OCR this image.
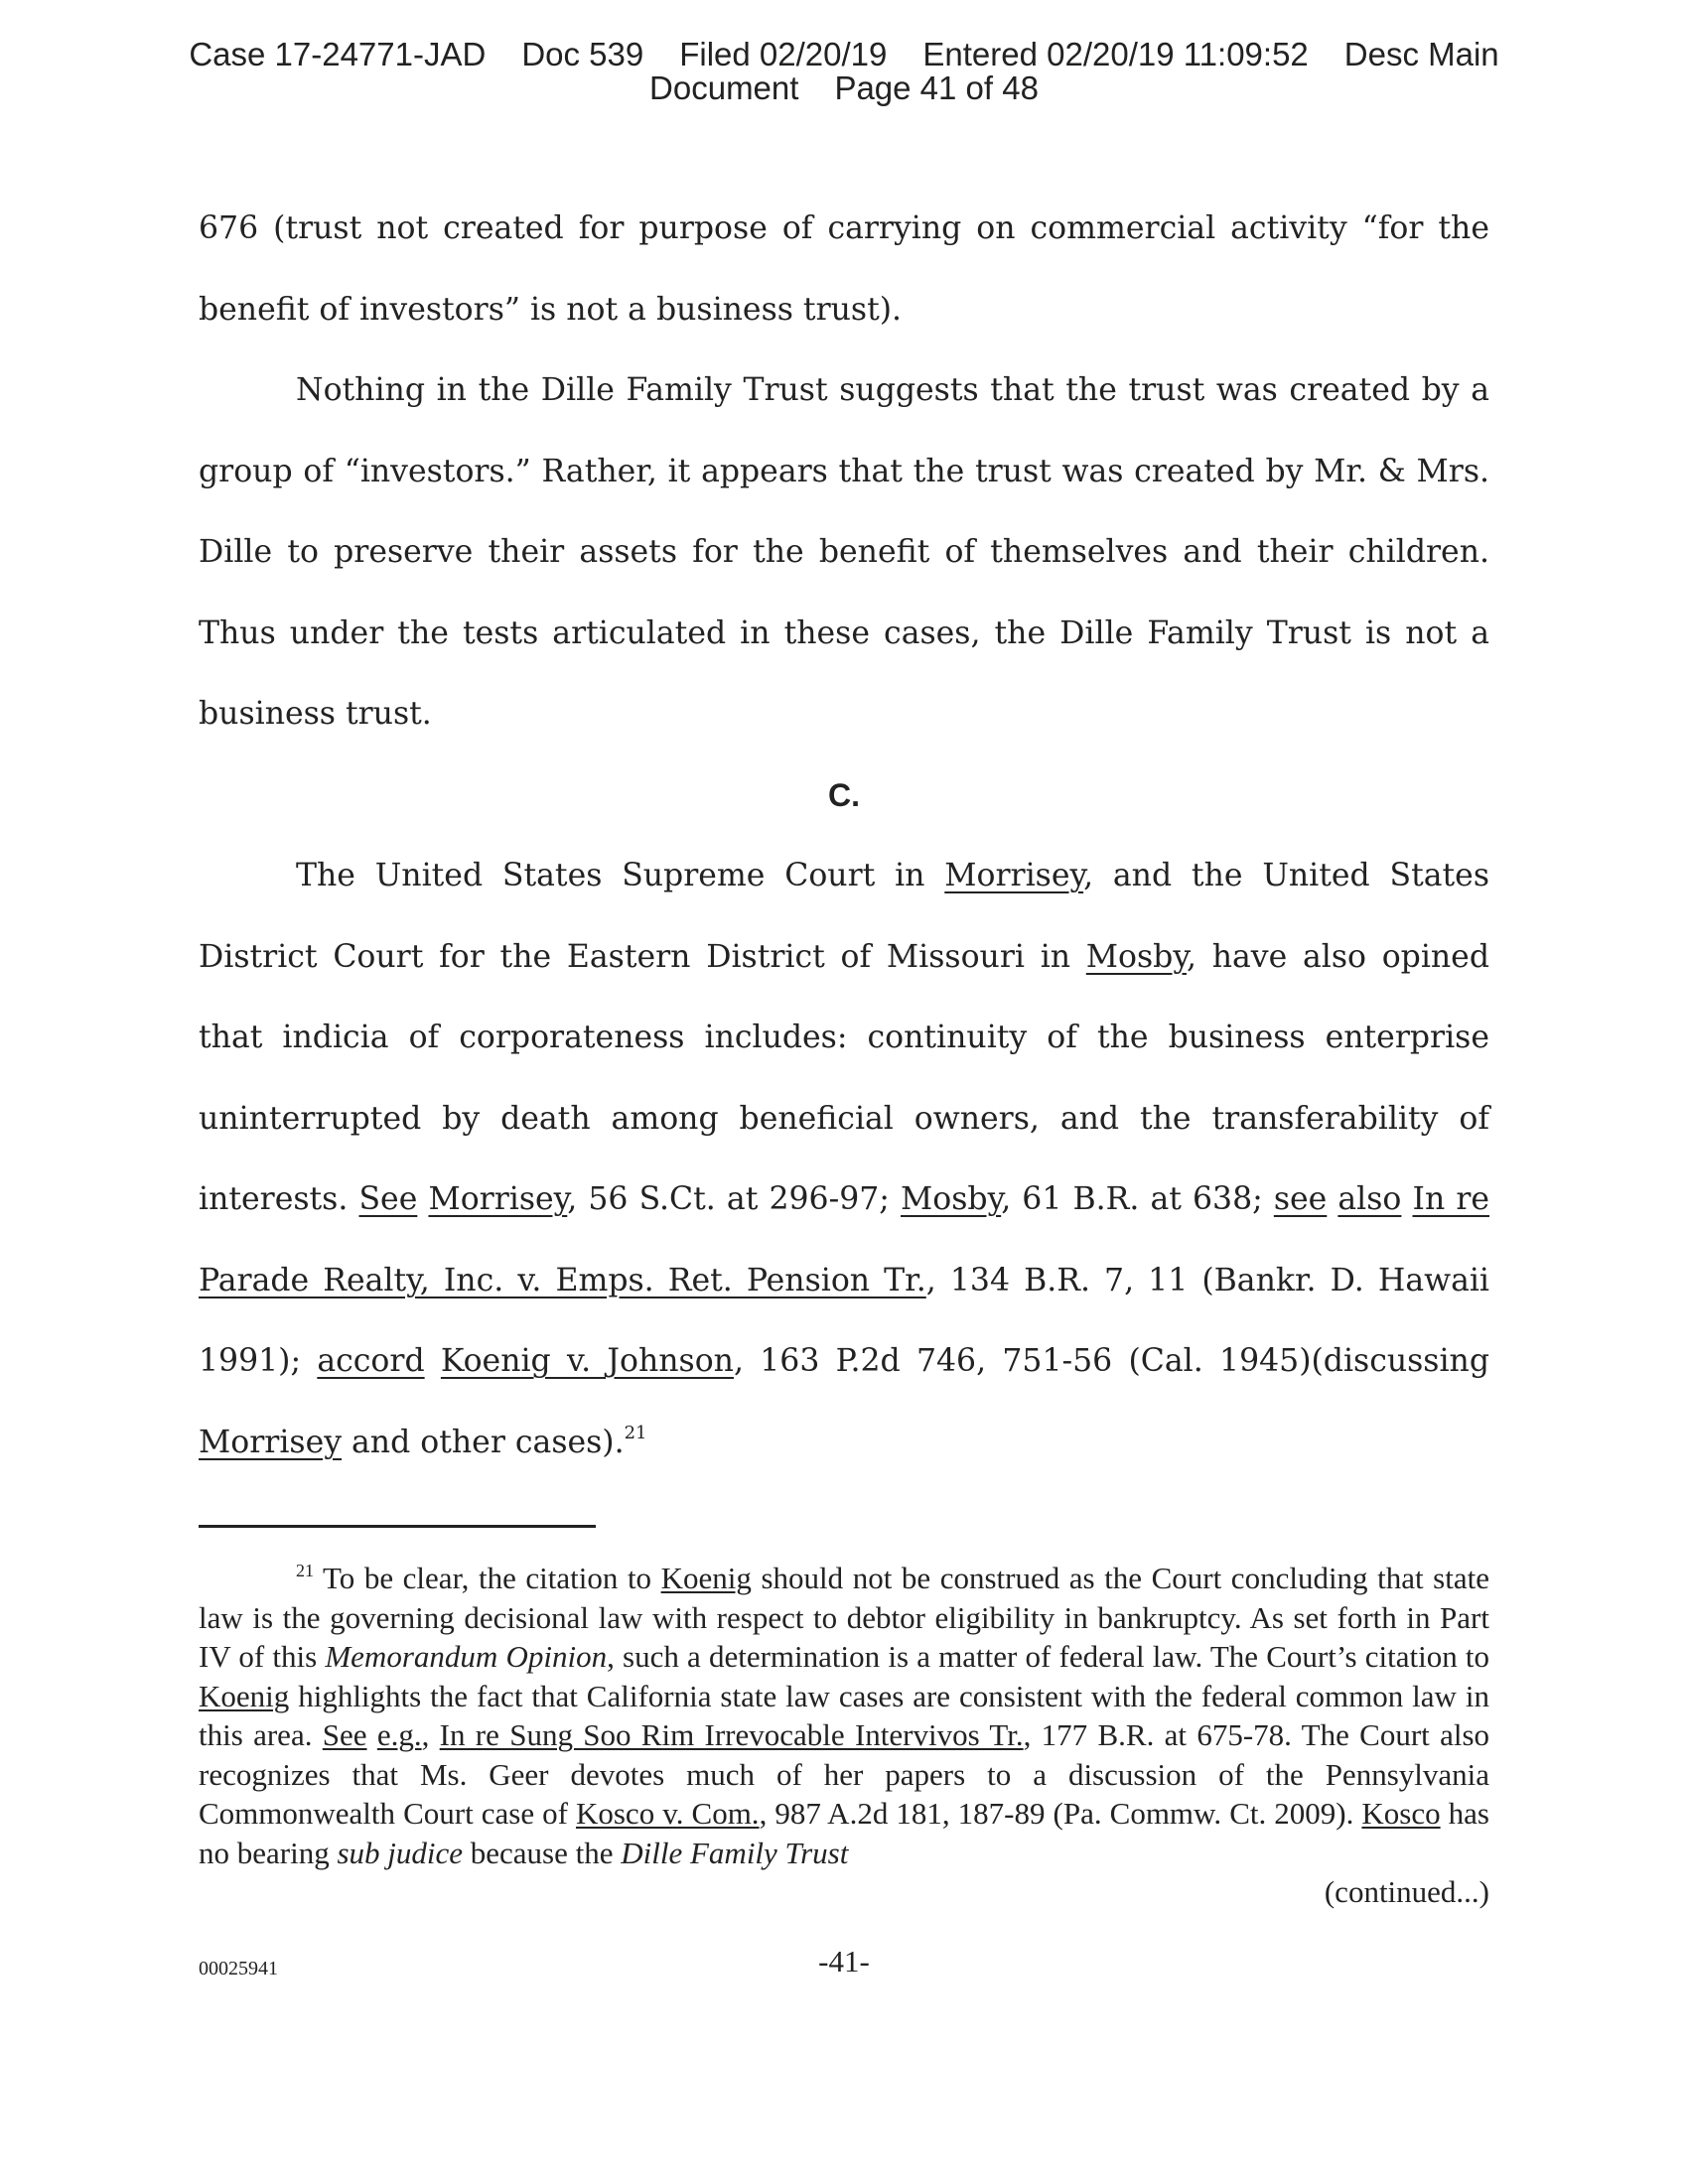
Case 17-24771-JAD Doc 539 Filed 02/20/19 Entered 02/20/19 11:09:52 Desc Main
Document Page 41 of 48

676 (trust not created for purpose of carrying on commercial activity “for the benefit of investors” is not a business trust).

Nothing in the Dille Family Trust suggests that the trust was created by a group of “investors.” Rather, it appears that the trust was created by Mr. & Mrs. Dille to preserve their assets for the benefit of themselves and their children. Thus under the tests articulated in these cases, the Dille Family Trust is not a business trust.

C.

The United States Supreme Court in Morrisey, and the United States District Court for the Eastern District of Missouri in Mosby, have also opined that indicia of corporateness includes: continuity of the business enterprise uninterrupted by death among beneficial owners, and the transferability of interests. See Morrisey, 56 S.Ct. at 296-97; Mosby, 61 B.R. at 638; see also In re Parade Realty, Inc. v. Emps. Ret. Pension Tr., 134 B.R. 7, 11 (Bankr. D. Hawaii 1991); accord Koenig v. Johnson, 163 P.2d 746, 751-56 (Cal. 1945)(discussing Morrisey and other cases).$^{21}$

$^{21}$ To be clear, the citation to Koenig should not be construed as the Court concluding that state law is the governing decisional law with respect to debtor eligibility in bankruptcy. As set forth in Part IV of this Memorandum Opinion, such a determination is a matter of federal law. The Court’s citation to Koenig highlights the fact that California state law cases are consistent with the federal common law in this area. See e.g., In re Sung Soo Rim Irrevocable Intervivos Tr., 177 B.R. at 675-78. The Court also recognizes that Ms. Geer devotes much of her papers to a discussion of the Pennsylvania Commonwealth Court case of Kosco v. Com., 987 A.2d 181, 187-89 (Pa. Commw. Ct. 2009). Kosco has no bearing sub judice because the Dille Family Trust

(continued...)

00025941	-41-
